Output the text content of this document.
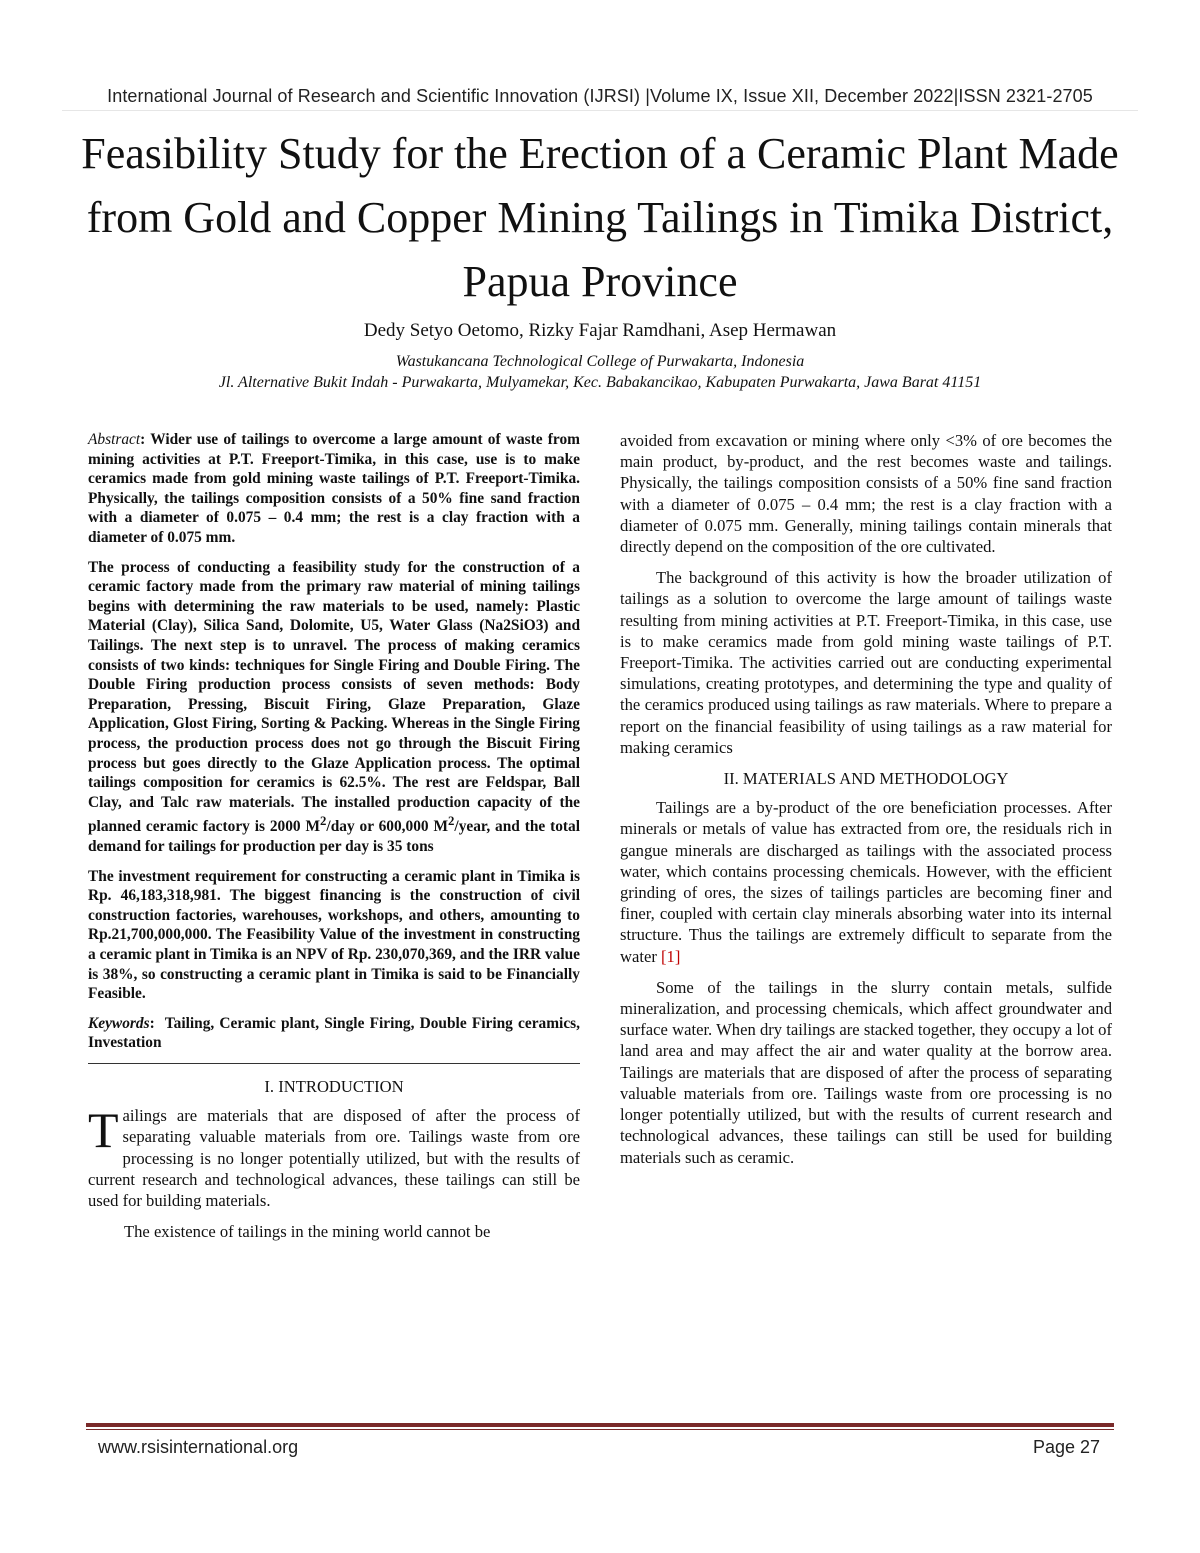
International Journal of Research and Scientific Innovation (IJRSI) |Volume IX, Issue XII, December 2022|ISSN 2321-2705
Feasibility Study for the Erection of a Ceramic Plant Made from Gold and Copper Mining Tailings in Timika District, Papua Province
Dedy Setyo Oetomo, Rizky Fajar Ramdhani, Asep Hermawan
Wastukancana Technological College of Purwakarta, Indonesia
Jl. Alternative Bukit Indah - Purwakarta, Mulyamekar, Kec. Babakancikao, Kabupaten Purwakarta, Jawa Barat 41151

Abstract: Wider use of tailings to overcome a large amount of waste from mining activities at P.T. Freeport-Timika, in this case, use is to make ceramics made from gold mining waste tailings of P.T. Freeport-Timika. Physically, the tailings composition consists of a 50% fine sand fraction with a diameter of 0.075 – 0.4 mm; the rest is a clay fraction with a diameter of 0.075 mm.

The process of conducting a feasibility study for the construction of a ceramic factory made from the primary raw material of mining tailings begins with determining the raw materials to be used, namely: Plastic Material (Clay), Silica Sand, Dolomite, U5, Water Glass (Na2SiO3) and Tailings. The next step is to unravel. The process of making ceramics consists of two kinds: techniques for Single Firing and Double Firing. The Double Firing production process consists of seven methods: Body Preparation, Pressing, Biscuit Firing, Glaze Preparation, Glaze Application, Glost Firing, Sorting & Packing. Whereas in the Single Firing process, the production process does not go through the Biscuit Firing process but goes directly to the Glaze Application process. The optimal tailings composition for ceramics is 62.5%. The rest are Feldspar, Ball Clay, and Talc raw materials. The installed production capacity of the planned ceramic factory is 2000 $M^2$/day or 600,000 $M^2$/year, and the total demand for tailings for production per day is 35 tons

The investment requirement for constructing a ceramic plant in Timika is Rp. 46,183,318,981. The biggest financing is the construction of civil construction factories, warehouses, workshops, and others, amounting to Rp.21,700,000,000. The Feasibility Value of the investment in constructing a ceramic plant in Timika is an NPV of Rp. 230,070,369, and the IRR value is 38%, so constructing a ceramic plant in Timika is said to be Financially Feasible.

Keywords:  Tailing, Ceramic plant, Single Firing, Double Firing ceramics, Investation

I. INTRODUCTION

Tailings are materials that are disposed of after the process of separating valuable materials from ore. Tailings waste from ore processing is no longer potentially utilized, but with the results of current research and technological advances, these tailings can still be used for building materials.

The existence of tailings in the mining world cannot be

avoided from excavation or mining where only <3% of ore becomes the main product, by-product, and the rest becomes waste and tailings. Physically, the tailings composition consists of a 50% fine sand fraction with a diameter of 0.075 – 0.4 mm; the rest is a clay fraction with a diameter of 0.075 mm. Generally, mining tailings contain minerals that directly depend on the composition of the ore cultivated.

The background of this activity is how the broader utilization of tailings as a solution to overcome the large amount of tailings waste resulting from mining activities at P.T. Freeport-Timika, in this case, use is to make ceramics made from gold mining waste tailings of P.T. Freeport-Timika. The activities carried out are conducting experimental simulations, creating prototypes, and determining the type and quality of the ceramics produced using tailings as raw materials. Where to prepare a report on the financial feasibility of using tailings as a raw material for making ceramics

II. MATERIALS AND METHODOLOGY

Tailings are a by-product of the ore beneficiation processes. After minerals or metals of value has extracted from ore, the residuals rich in gangue minerals are discharged as tailings with the associated process water, which contains processing chemicals. However, with the efficient grinding of ores, the sizes of tailings particles are becoming finer and finer, coupled with certain clay minerals absorbing water into its internal structure. Thus the tailings are extremely difficult to separate from the water [1]

Some of the tailings in the slurry contain metals, sulfide mineralization, and processing chemicals, which affect groundwater and surface water. When dry tailings are stacked together, they occupy a lot of land area and may affect the air and water quality at the borrow area. Tailings are materials that are disposed of after the process of separating valuable materials from ore. Tailings waste from ore processing is no longer potentially utilized, but with the results of current research and technological advances, these tailings can still be used for building materials such as ceramic.

www.rsisinternational.org	Page 27
